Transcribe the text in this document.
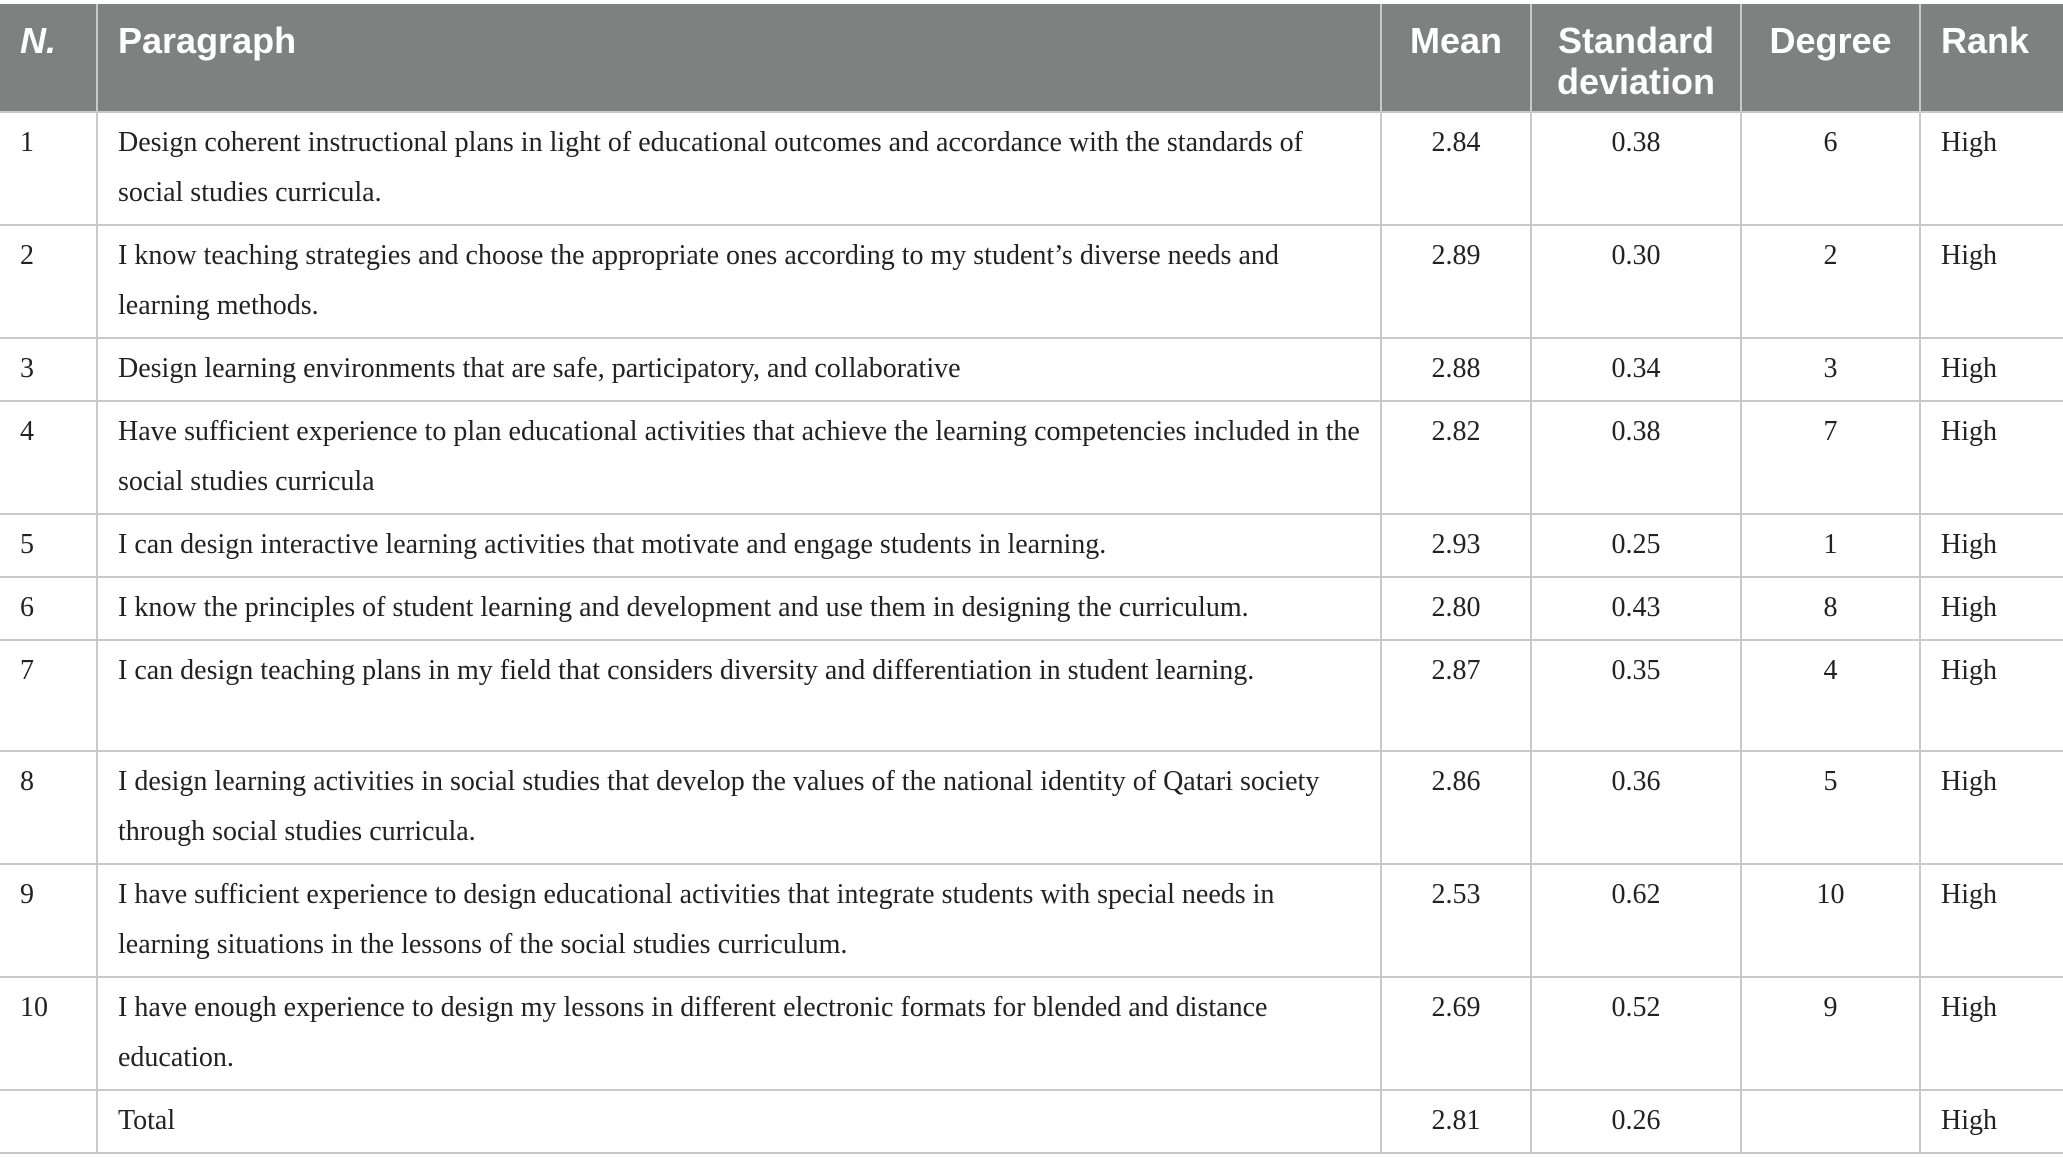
N.	Paragraph	Mean	Standard deviation	Degree	Rank
1	Design coherent instructional plans in light of educational outcomes and accordance with the standards of social studies curricula.	2.84	0.38	6	High
2	I know teaching strategies and choose the appropriate ones according to my student’s diverse needs and learning methods.	2.89	0.30	2	High
3	Design learning environments that are safe, participatory, and collaborative	2.88	0.34	3	High
4	Have sufficient experience to plan educational activities that achieve the learning competencies included in the social studies curricula	2.82	0.38	7	High
5	I can design interactive learning activities that motivate and engage students in learning.	2.93	0.25	1	High
6	I know the principles of student learning and development and use them in designing the curriculum.	2.80	0.43	8	High
7	I can design teaching plans in my field that considers diversity and differentiation in student learning.	2.87	0.35	4	High
8	I design learning activities in social studies that develop the values of the national identity of Qatari society through social studies curricula.	2.86	0.36	5	High
9	I have sufficient experience to design educational activities that integrate students with special needs in learning situations in the lessons of the social studies curriculum.	2.53	0.62	10	High
10	I have enough experience to design my lessons in different electronic formats for blended and distance education.	2.69	0.52	9	High
	Total	2.81	0.26		High
